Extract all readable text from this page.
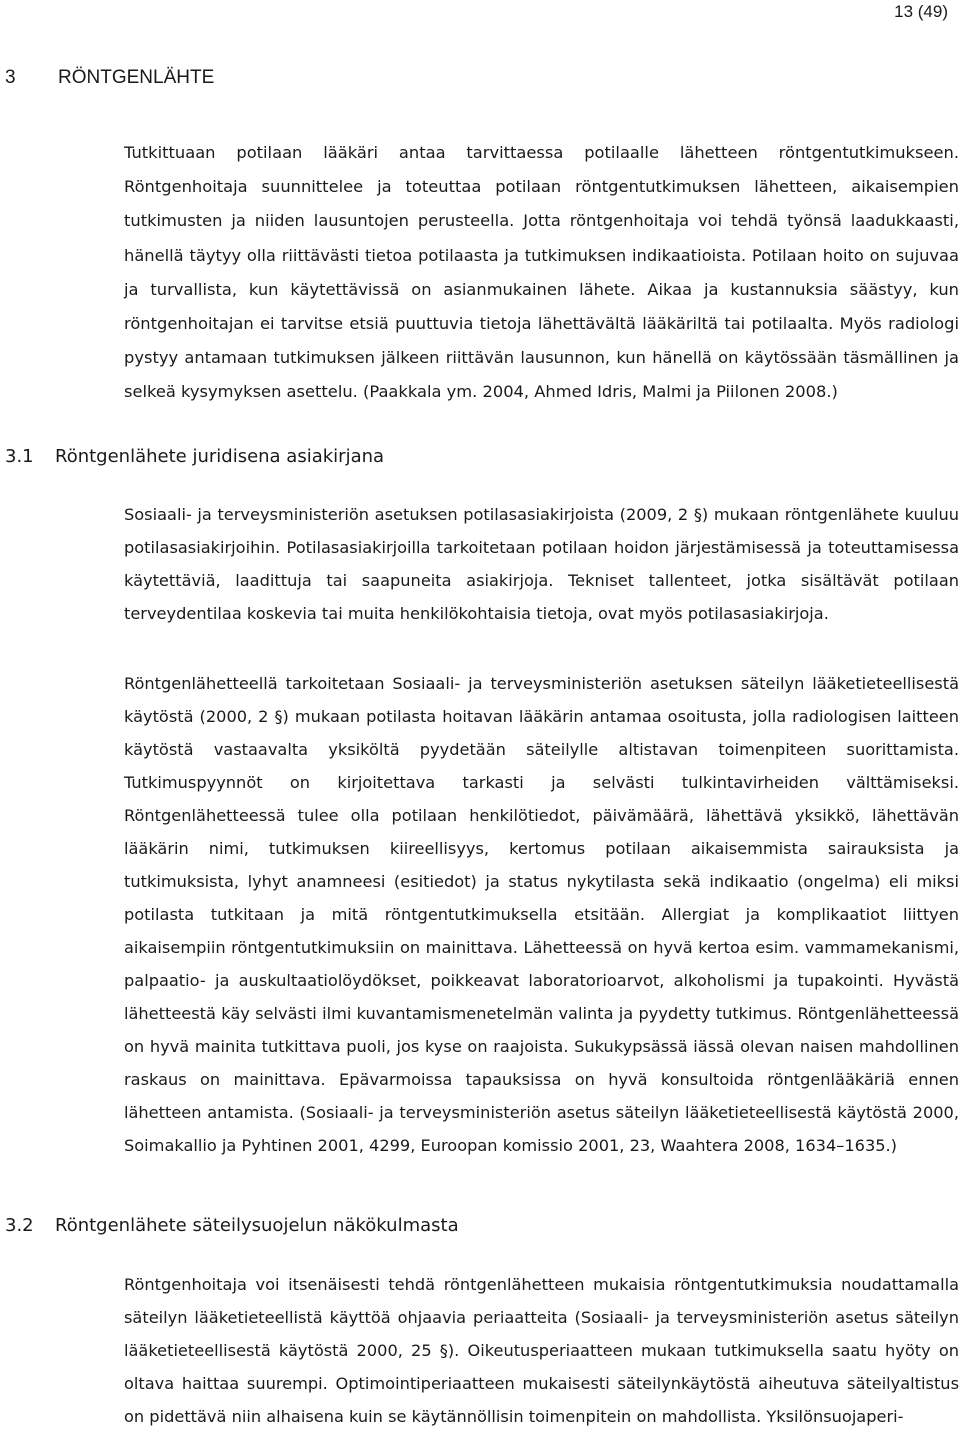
13 (49)
3 RÖNTGENLÄHTE

Tutkittuaan potilaan lääkäri antaa tarvittaessa potilaalle lähetteen röntgentutkimukseen. Röntgenhoitaja suunnittelee ja toteuttaa potilaan röntgentutkimuksen lähetteen, aikaisempien tutkimusten ja niiden lausuntojen perusteella. Jotta röntgenhoitaja voi tehdä työnsä laadukkaasti, hänellä täytyy olla riittävästi tietoa potilaasta ja tutkimuksen indikaatioista. Potilaan hoito on sujuvaa ja turvallista, kun käytettävissä on asianmukainen lähete. Aikaa ja kustannuksia säästyy, kun röntgenhoitajan ei tarvitse etsiä puuttuvia tietoja lähettävältä lääkäriltä tai potilaalta. Myös radiologi pystyy antamaan tutkimuksen jälkeen riittävän lausunnon, kun hänellä on käytössään täsmällinen ja selkeä kysymyksen asettelu. (Paakkala ym. 2004, Ahmed Idris, Malmi ja Piilonen 2008.)

3.1 Röntgenlähete juridisena asiakirjana

Sosiaali- ja terveysministeriön asetuksen potilasasiakirjoista (2009, 2 §) mukaan röntgenlähete kuuluu potilasasiakirjoihin. Potilasasiakirjoilla tarkoitetaan potilaan hoidon järjestämisessä ja toteuttamisessa käytettäviä, laadittuja tai saapuneita asiakirjoja. Tekniset tallenteet, jotka sisältävät potilaan terveydentilaa koskevia tai muita henkilökohtaisia tietoja, ovat myös potilasasiakirjoja.

Röntgenlähetteellä tarkoitetaan Sosiaali- ja terveysministeriön asetuksen säteilyn lääketieteellisestä käytöstä (2000, 2 §) mukaan potilasta hoitavan lääkärin antamaa osoitusta, jolla radiologisen laitteen käytöstä vastaavalta yksiköltä pyydetään säteilylle altistavan toimenpiteen suorittamista. Tutkimuspyynnöt on kirjoitettava tarkasti ja selvästi tulkintavirheiden välttämiseksi. Röntgenlähetteessä tulee olla potilaan henkilötiedot, päivämäärä, lähettävä yksikkö, lähettävän lääkärin nimi, tutkimuksen kiireellisyys, kertomus potilaan aikaisemmista sairauksista ja tutkimuksista, lyhyt anamneesi (esitiedot) ja status nykytilasta sekä indikaatio (ongelma) eli miksi potilasta tutkitaan ja mitä röntgentutkimuksella etsitään. Allergiat ja komplikaatiot liittyen aikaisempiin röntgentutkimuksiin on mainittava. Lähetteessä on hyvä kertoa esim. vammamekanismi, palpaatio- ja auskultaatiolöydökset, poikkeavat laboratorioarvot, alkoholismi ja tupakointi. Hyvästä lähetteestä käy selvästi ilmi kuvantamismenetelmän valinta ja pyydetty tutkimus. Röntgenlähetteessä on hyvä mainita tutkittava puoli, jos kyse on raajoista. Sukukypsässä iässä olevan naisen mahdollinen raskaus on mainittava. Epävarmoissa tapauksissa on hyvä konsultoida röntgenlääkäriä ennen lähetteen antamista. (Sosiaali- ja terveysministeriön asetus säteilyn lääketieteellisestä käytöstä 2000, Soimakallio ja Pyhtinen 2001, 4299, Euroopan komissio 2001, 23, Waahtera 2008, 1634–1635.)

3.2 Röntgenlähete säteilysuojelun näkökulmasta

Röntgenhoitaja voi itsenäisesti tehdä röntgenlähetteen mukaisia röntgentutkimuksia noudattamalla säteilyn lääketieteellistä käyttöä ohjaavia periaatteita (Sosiaali- ja terveysministeriön asetus säteilyn lääketieteellisestä käytöstä 2000, 25 §). Oikeutusperiaatteen mukaan tutkimuksella saatu hyöty on oltava haittaa suurempi. Optimointiperiaatteen mukaisesti säteilynkäytöstä aiheutuva säteilyaltistus on pidettävä niin alhaisena kuin se käytännöllisin toimenpitein on mahdollista. Yksilönsuojaperi-
